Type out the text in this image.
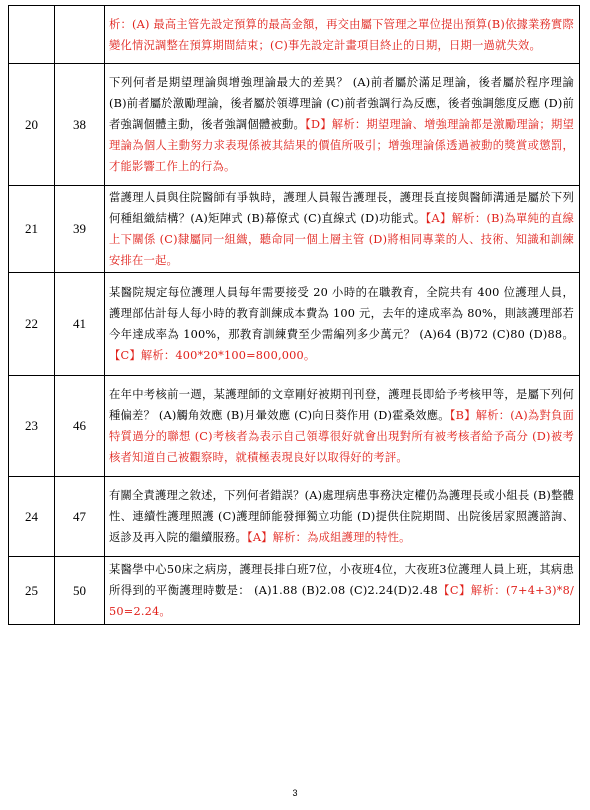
		析：(A) 最高主管先設定預算的最高金額，再交由屬下管理之單位提出預算(B)依據業務實際變化情況調整在預算期間結束；(C)事先設定計畫項目終止的日期，日期一過就失效。
20	38	下列何者是期望理論與增強理論最大的差異？ (A)前者屬於滿足理論，後者屬於程序理論 (B)前者屬於激勵理論，後者屬於領導理論 (C)前者強調行為反應，後者強調態度反應 (D)前者強調個體主動，後者強調個體被動。【D】解析：期望理論、增強理論都是激勵理論；期望理論為個人主動努力求表現係被其結果的價值所吸引；增強理論係透過被動的獎賞或懲罰，才能影響工作上的行為。
21	39	當護理人員與住院醫師有爭執時，護理人員報告護理長，護理長直接與醫師溝通是屬於下列何種組織結構？(A)矩陣式 (B)幕僚式 (C)直線式 (D)功能式。【A】解析：(B)為單純的直線上下關係 (C)隸屬同一組織，聽命同一個上層主管 (D)將相同專業的人、技術、知識和訓練安排在一起。
22	41	某醫院規定每位護理人員每年需要接受 20 小時的在職教育，全院共有 400 位護理人員，護理部估計每人每小時的教育訓練成本費為 100 元，去年的達成率為 80%，則該護理部若今年達成率為 100%，那教育訓練費至少需編列多少萬元？ (A)64 (B)72 (C)80 (D)88。【C】解析：400*20*100=800,000。
23	46	在年中考核前一週，某護理師的文章剛好被期刊刊登，護理長即給予考核甲等，是屬下列何種偏差？ (A)觸角效應 (B)月暈效應 (C)向日葵作用 (D)霍桑效應。【B】解析：(A)為對負面特質過分的聯想 (C)考核者為表示自己領導很好就會出現對所有被考核者給予高分 (D)被考核者知道自己被觀察時，就積極表現良好以取得好的考評。
24	47	有關全責護理之敘述，下列何者錯誤？(A)處理病患事務決定權仍為護理長或小組長 (B)整體性、連續性護理照護 (C)護理師能發揮獨立功能 (D)提供住院期間、出院後居家照護諮詢、返診及再入院的繼續服務。【A】解析：為成組護理的特性。
25	50	某醫學中心50床之病房，護理長排白班7位，小夜班4位，大夜班3位護理人員上班，其病患所得到的平衡護理時數是： (A)1.88 (B)2.08 (C)2.24(D)2.48【C】解析：(7+4+3)*8/50=2.24。
3
